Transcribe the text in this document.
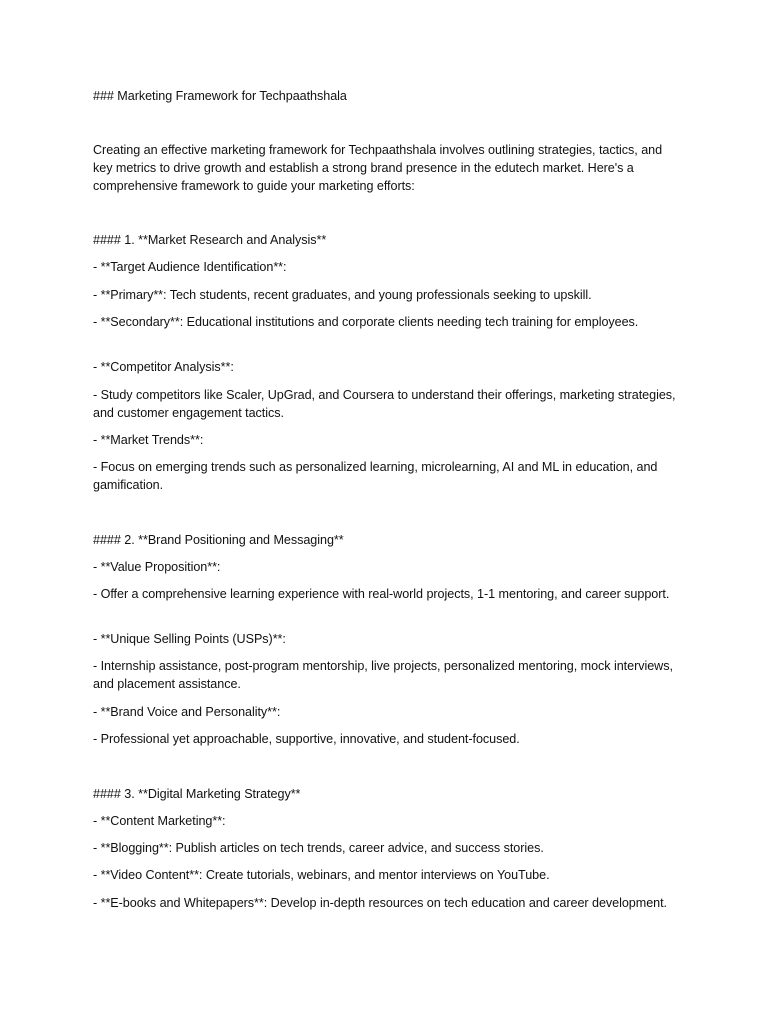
### Marketing Framework for Techpaathshala

Creating an effective marketing framework for Techpaathshala involves outlining strategies, tactics, and key metrics to drive growth and establish a strong brand presence in the edutech market. Here's a comprehensive framework to guide your marketing efforts:

#### 1. **Market Research and Analysis**

- **Target Audience Identification**:

- **Primary**: Tech students, recent graduates, and young professionals seeking to upskill.

- **Secondary**: Educational institutions and corporate clients needing tech training for employees.

- **Competitor Analysis**:

- Study competitors like Scaler, UpGrad, and Coursera to understand their offerings, marketing strategies, and customer engagement tactics.

- **Market Trends**:

- Focus on emerging trends such as personalized learning, microlearning, AI and ML in education, and gamification.

#### 2. **Brand Positioning and Messaging**

- **Value Proposition**:

- Offer a comprehensive learning experience with real-world projects, 1-1 mentoring, and career support.

- **Unique Selling Points (USPs)**:

- Internship assistance, post-program mentorship, live projects, personalized mentoring, mock interviews, and placement assistance.

- **Brand Voice and Personality**:

- Professional yet approachable, supportive, innovative, and student-focused.

#### 3. **Digital Marketing Strategy**

- **Content Marketing**:

- **Blogging**: Publish articles on tech trends, career advice, and success stories.

- **Video Content**: Create tutorials, webinars, and mentor interviews on YouTube.

- **E-books and Whitepapers**: Develop in-depth resources on tech education and career development.
